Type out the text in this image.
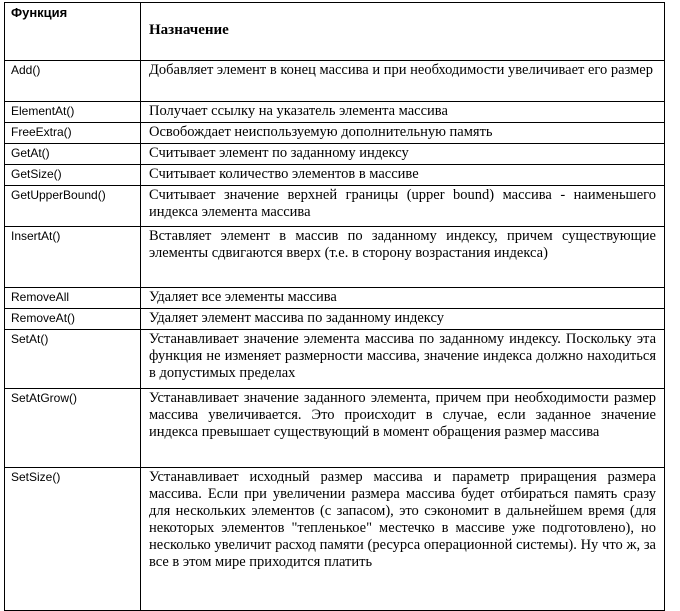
Функция	Назначение
Add()	Добавляет элемент в конец массива и при необходимости увеличивает его размер
ElementAt()	Получает ссылку на указатель элемента массива
FreeExtra()	Освобождает неиспользуемую дополнительную память
GetAt()	Считывает элемент по заданному индексу
GetSize()	Считывает количество элементов в массиве
GetUpperBound()	Считывает значение верхней границы (upper bound) массива - наименьшего индекса элемента массива
InsertAt()	Вставляет элемент в массив по заданному индексу, причем существующие элементы сдвигаются вверх (т.е. в сторону возрастания индекса)
RemoveAll	Удаляет все элементы массива
RemoveAt()	Удаляет элемент массива по заданному индексу
SetAt()	Устанавливает значение элемента массива по заданному индексу. Поскольку эта функция не изменяет размерности массива, значение индекса должно находиться в допустимых пределах
SetAtGrow()	Устанавливает значение заданного элемента, причем при необходимости размер массива увеличивается. Это происходит в случае, если заданное значение индекса превышает существующий в момент обращения размер массива
SetSize()	Устанавливает исходный размер массива и параметр приращения размера массива. Если при увеличении размера массива будет отбираться память сразу для нескольких элементов (с запасом), это сэкономит в дальнейшем время (для некоторых элементов "тепленькое" местечко в массиве уже подготовлено), но несколько увеличит расход памяти (ресурса операционной системы). Ну что ж, за все в этом мире приходится платить
